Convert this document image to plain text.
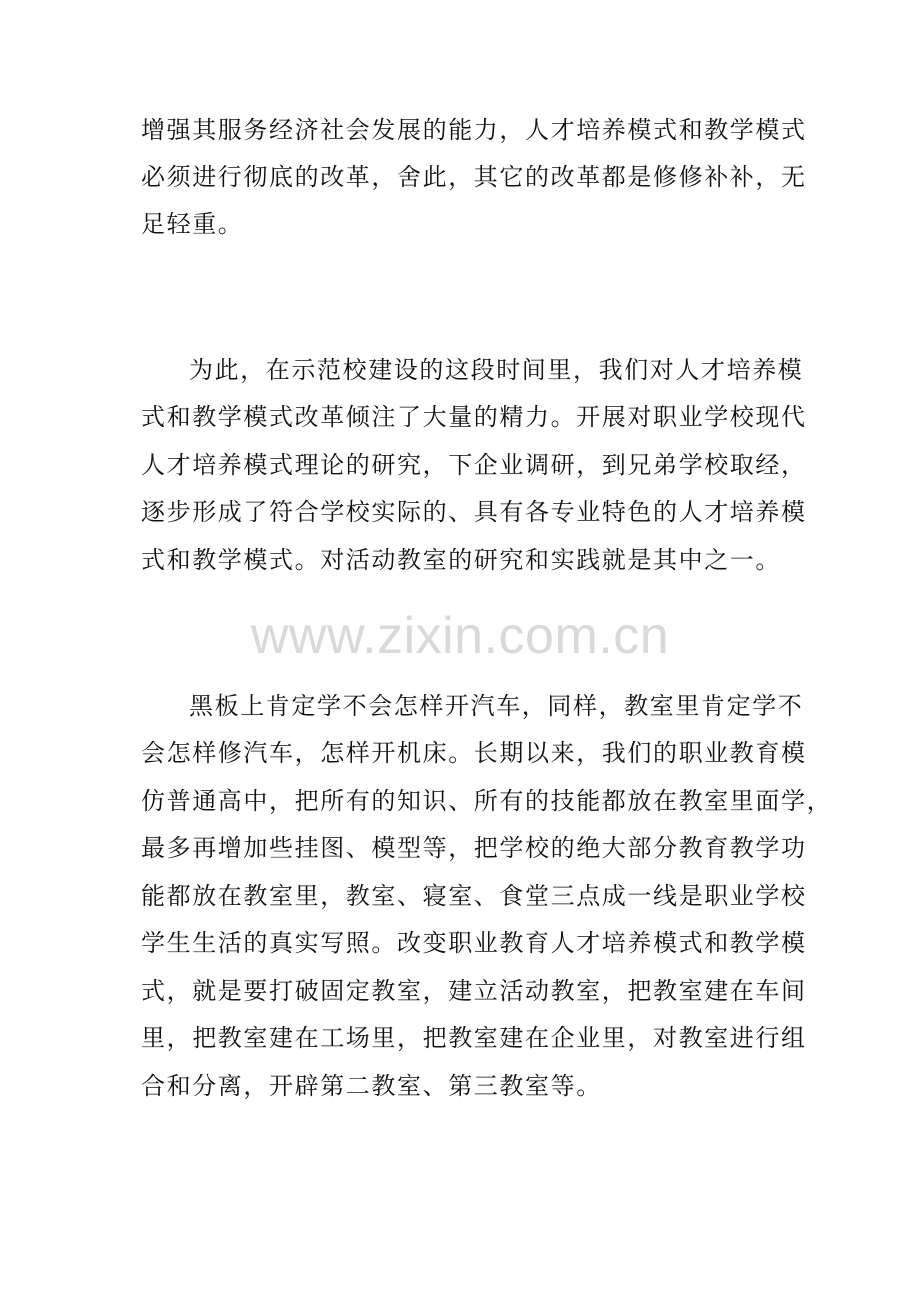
增强其服务经济社会发展的能力，人才培养模式和教学模式
必须进行彻底的改革，舍此，其它的改革都是修修补补，无
足轻重。
为此，在示范校建设的这段时间里，我们对人才培养模
式和教学模式改革倾注了大量的精力。开展对职业学校现代
人才培养模式理论的研究，下企业调研，到兄弟学校取经，
逐步形成了符合学校实际的、具有各专业特色的人才培养模
式和教学模式。对活动教室的研究和实践就是其中之一。
www.zixin.com.cn
黑板上肯定学不会怎样开汽车，同样，教室里肯定学不
会怎样修汽车，怎样开机床。长期以来，我们的职业教育模
仿普通高中，把所有的知识、所有的技能都放在教室里面学，
最多再增加些挂图、模型等，把学校的绝大部分教育教学功
能都放在教室里，教室、寝室、食堂三点成一线是职业学校
学生生活的真实写照。改变职业教育人才培养模式和教学模
式，就是要打破固定教室，建立活动教室，把教室建在车间
里，把教室建在工场里，把教室建在企业里，对教室进行组
合和分离，开辟第二教室、第三教室等。
